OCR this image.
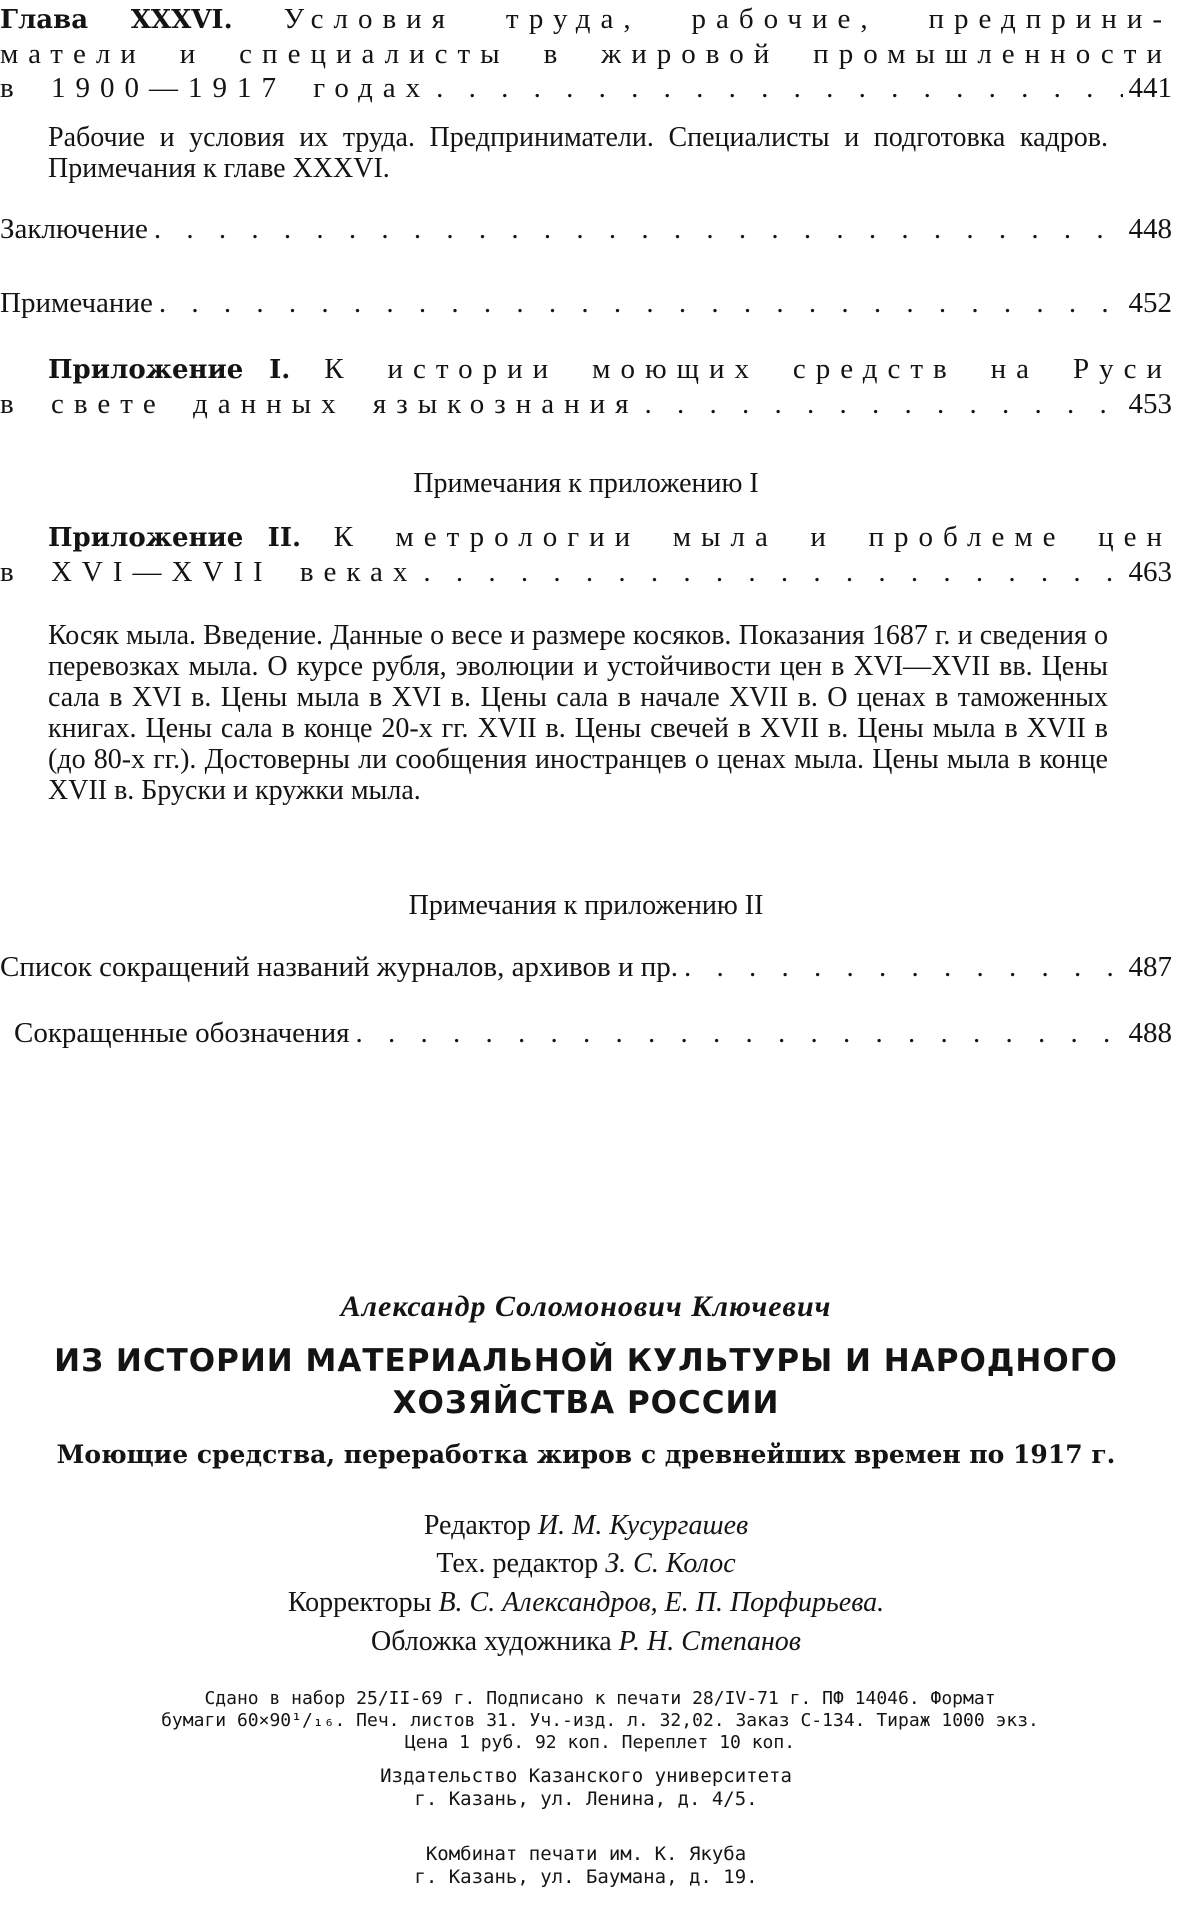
Глава XXXVI. Условия труда, рабочие, предприни-
матели и специалисты в жировой промышленности
в 1900—1917 годах . . .	441
Рабочие и условия их труда. Предприниматели. Специалисты и подготовка кадров. Примечания к главе XXXVI.
Заключение . . .	448
Примечание . . .	452
Приложение I. К истории моющих средств на Руси
в свете данных языкознания . . .	453
Примечания к приложению I
Приложение II. К метрологии мыла и проблеме цен
в XVI—XVII веках . . .	463
Косяк мыла. Введение. Данные о весе и размере косяков. Показания 1687 г. и сведения о перевозках мыла. О курсе рубля, эволюции и устойчивости цен в XVI—XVII вв. Цены сала в XVI в. Цены мыла в XVI в. Цены сала в начале XVII в. О ценах в таможенных книгах. Цены сала в конце 20-х гг. XVII в. Цены свечей в XVII в. Цены мыла в XVII в (до 80-х гг.). Достоверны ли сообщения иностранцев о ценах мыла. Цены мыла в конце XVII в. Бруски и кружки мыла.
Примечания к приложению II
Список сокращений названий журналов, архивов и пр. . . .	487
Сокращенные обозначения . . .	488
Александр Соломонович Ключевич
ИЗ ИСТОРИИ МАТЕРИАЛЬНОЙ КУЛЬТУРЫ И НАРОДНОГО
ХОЗЯЙСТВА РОССИИ
Моющие средства, переработка жиров с древнейших времен по 1917 г.
Редактор И. М. Кусургашев
Тех. редактор З. С. Колос
Корректоры В. С. Александров, Е. П. Порфирьева.
Обложка художника Р. Н. Степанов
Сдано в набор 25/II-69 г. Подписано к печати 28/IV-71 г. ПФ 14046. Формат
бумаги 60×90¹/₁₆. Печ. листов 31. Уч.-изд. л. 32,02. Заказ С-134. Тираж 1000 экз.
Цена 1 руб. 92 коп. Переплет 10 коп.
Издательство Казанского университета
г. Казань, ул. Ленина, д. 4/5.
Комбинат печати им. К. Якуба
г. Казань, ул. Баумана, д. 19.
